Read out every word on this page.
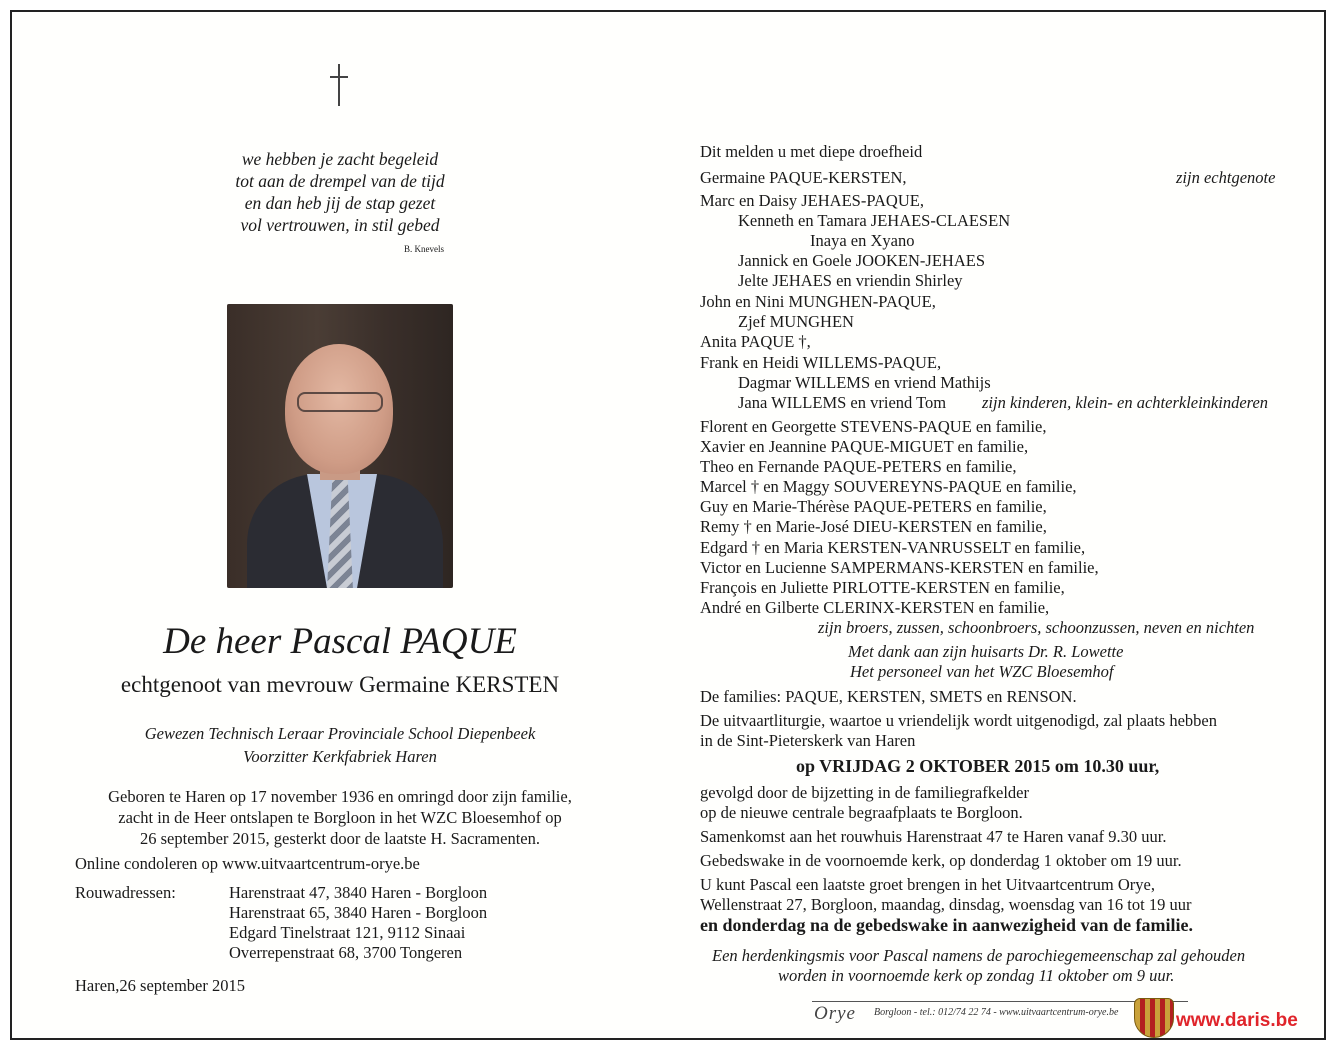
we hebben je zacht begeleid
tot aan de drempel van de tijd
en dan heb jij de stap gezet
vol vertrouwen, in stil gebed
B. Knevels
De heer Pascal PAQUE
echtgenoot van mevrouw Germaine KERSTEN
Gewezen Technisch Leraar Provinciale School Diepenbeek
Voorzitter Kerkfabriek Haren
Geboren te Haren op 17 november 1936 en omringd door zijn familie,
zacht in de Heer ontslapen te Borgloon in het WZC Bloesemhof op
26 september 2015, gesterkt door de laatste H. Sacramenten.
Online condoleren op www.uitvaartcentrum-orye.be
Rouwadressen:	Harenstraat 47, 3840 Haren - Borgloon
Harenstraat 65, 3840 Haren - Borgloon
Edgard Tinelstraat 121, 9112 Sinaai
Overrepenstraat 68, 3700 Tongeren
Haren,26 september 2015
Dit melden u met diepe droefheid
Germaine PAQUE-KERSTEN,	zijn echtgenote
Marc en Daisy JEHAES-PAQUE,
Kenneth en Tamara JEHAES-CLAESEN
Inaya en Xyano
Jannick en Goele JOOKEN-JEHAES
Jelte JEHAES en vriendin Shirley
John en Nini MUNGHEN-PAQUE,
Zjef MUNGHEN
Anita PAQUE †,
Frank en Heidi WILLEMS-PAQUE,
Dagmar WILLEMS en vriend Mathijs
Jana WILLEMS en vriend Tom zijn kinderen, klein- en achterkleinkinderen
Florent en Georgette STEVENS-PAQUE en familie,
Xavier en Jeannine PAQUE-MIGUET en familie,
Theo en Fernande PAQUE-PETERS en familie,
Marcel † en Maggy SOUVEREYNS-PAQUE en familie,
Guy en Marie-Thérèse PAQUE-PETERS en familie,
Remy † en Marie-José DIEU-KERSTEN en familie,
Edgard † en Maria KERSTEN-VANRUSSELT en familie,
Victor en Lucienne SAMPERMANS-KERSTEN en familie,
François en Juliette PIRLOTTE-KERSTEN en familie,
André en Gilberte CLERINX-KERSTEN en familie,
zijn broers, zussen, schoonbroers, schoonzussen, neven en nichten
Met dank aan zijn huisarts Dr. R. Lowette
Het personeel van het WZC Bloesemhof
De families: PAQUE, KERSTEN, SMETS en RENSON.
De uitvaartliturgie, waartoe u vriendelijk wordt uitgenodigd, zal plaats hebben
in de Sint-Pieterskerk van Haren
op VRIJDAG 2 OKTOBER 2015 om 10.30 uur,
gevolgd door de bijzetting in de familiegrafkelder
op de nieuwe centrale begraafplaats te Borgloon.
Samenkomst aan het rouwhuis Harenstraat 47 te Haren vanaf 9.30 uur.
Gebedswake in de voornoemde kerk, op donderdag 1 oktober om 19 uur.
U kunt Pascal een laatste groet brengen in het Uitvaartcentrum Orye,
Wellenstraat 27, Borgloon, maandag, dinsdag, woensdag van 16 tot 19 uur
en donderdag na de gebedswake in aanwezigheid van de familie.
Een herdenkingsmis voor Pascal namens de parochiegemeenschap zal gehouden
worden in voornoemde kerk op zondag 11 oktober om 9 uur.
Orye Borgloon - tel.: 012/74 22 74 - www.uitvaartcentrum-orye.be	www.daris.be
